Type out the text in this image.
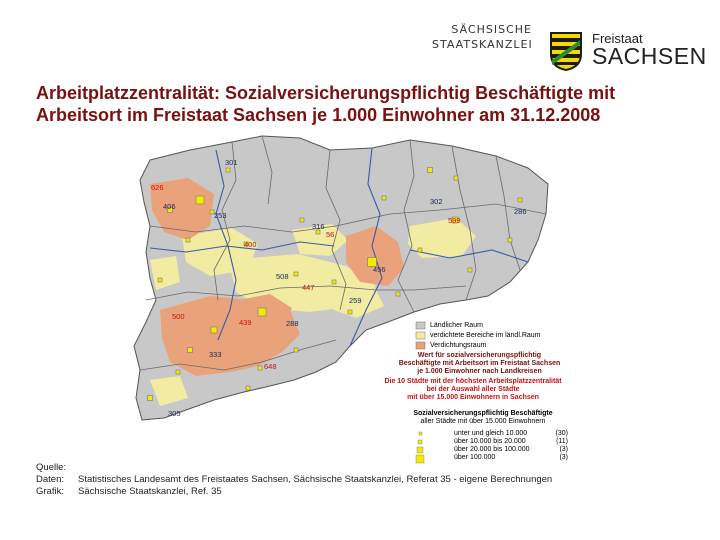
SÄCHSISCHE
STAATSKANZLEI	Freistaat
SACHSEN
Arbeitplatzzentralität: Sozialversicherungspflichtig Beschäftigte mit
Arbeitsort im Freistaat Sachsen je 1.000 Einwohner am 31.12.2008
301
626
406
253
302
286
599
316
56
400
456
508
447
259
500
439	288
333
648
305
Ländlicher Raum
verdichtete Bereiche im ländl.Raum
Verdichtungsraum
Wert für sozialversicherungspflichtig
Beschäftigte mit Arbeitsort im Freistaat Sachsen
je 1.000 Einwohner nach Landkreisen
Die 10 Städte mit der höchsten Arbeitsplatzzentralität
bei der Auswahl aller Städte
mit über 15.000 Einwohnern in Sachsen
Sozialversicherungspflichtig Beschäftigte
aller Städte mit über 15.000 Einwohnern
unter und gleich 10.000	(30)
über 10.000 bis 20.000	(11)
über 20.000 bis 100.000	(3)
über 100.000	(3)
Quelle:
Daten:	Statistisches Landesamt des Freistaates Sachsen, Sächsische Staatskanzlei, Referat 35 - eigene Berechnungen
Grafik:	Sächsische Staatskanzlei, Ref. 35
